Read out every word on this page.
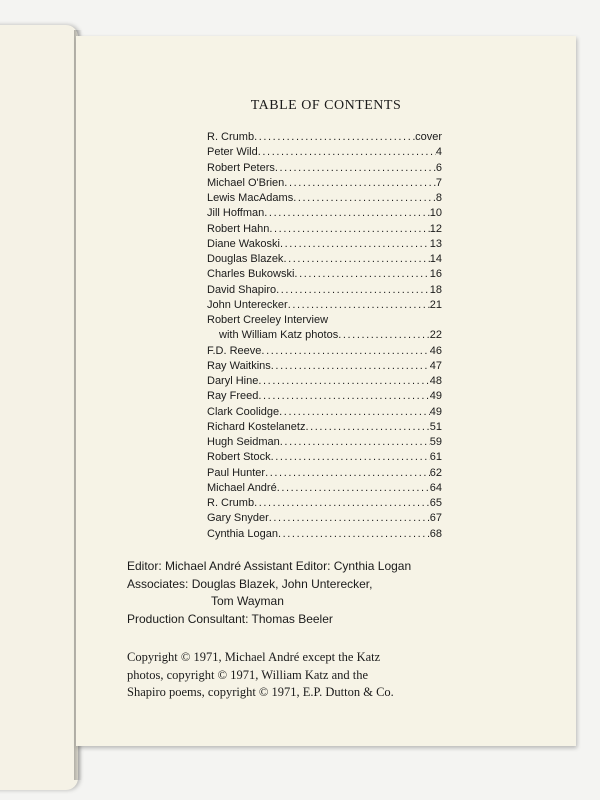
TABLE OF CONTENTS
R. Crumb .....	cover
Peter Wild .....	4
Robert Peters .....	6
Michael O'Brien .....	7
Lewis MacAdams .....	8
Jill Hoffman .....	10
Robert Hahn .....	12
Diane Wakoski .....	13
Douglas Blazek .....	14
Charles Bukowski .....	16
David Shapiro .....	18
John Unterecker .....	21
Robert Creeley Interview
with William Katz photos .....	22
F.D. Reeve .....	46
Ray Waitkins .....	47
Daryl Hine .....	48
Ray Freed .....	49
Clark Coolidge .....	49
Richard Kostelanetz .....	51
Hugh Seidman .....	59
Robert Stock .....	61
Paul Hunter .....	62
Michael André .....	64
R. Crumb .....	65
Gary Snyder .....	67
Cynthia Logan .....	68
Editor: Michael André Assistant Editor: Cynthia Logan
Associates: Douglas Blazek, John Unterecker,
Tom Wayman
Production Consultant: Thomas Beeler
Copyright © 1971, Michael André except the Katz
photos, copyright © 1971, William Katz and the
Shapiro poems, copyright © 1971, E.P. Dutton & Co.
